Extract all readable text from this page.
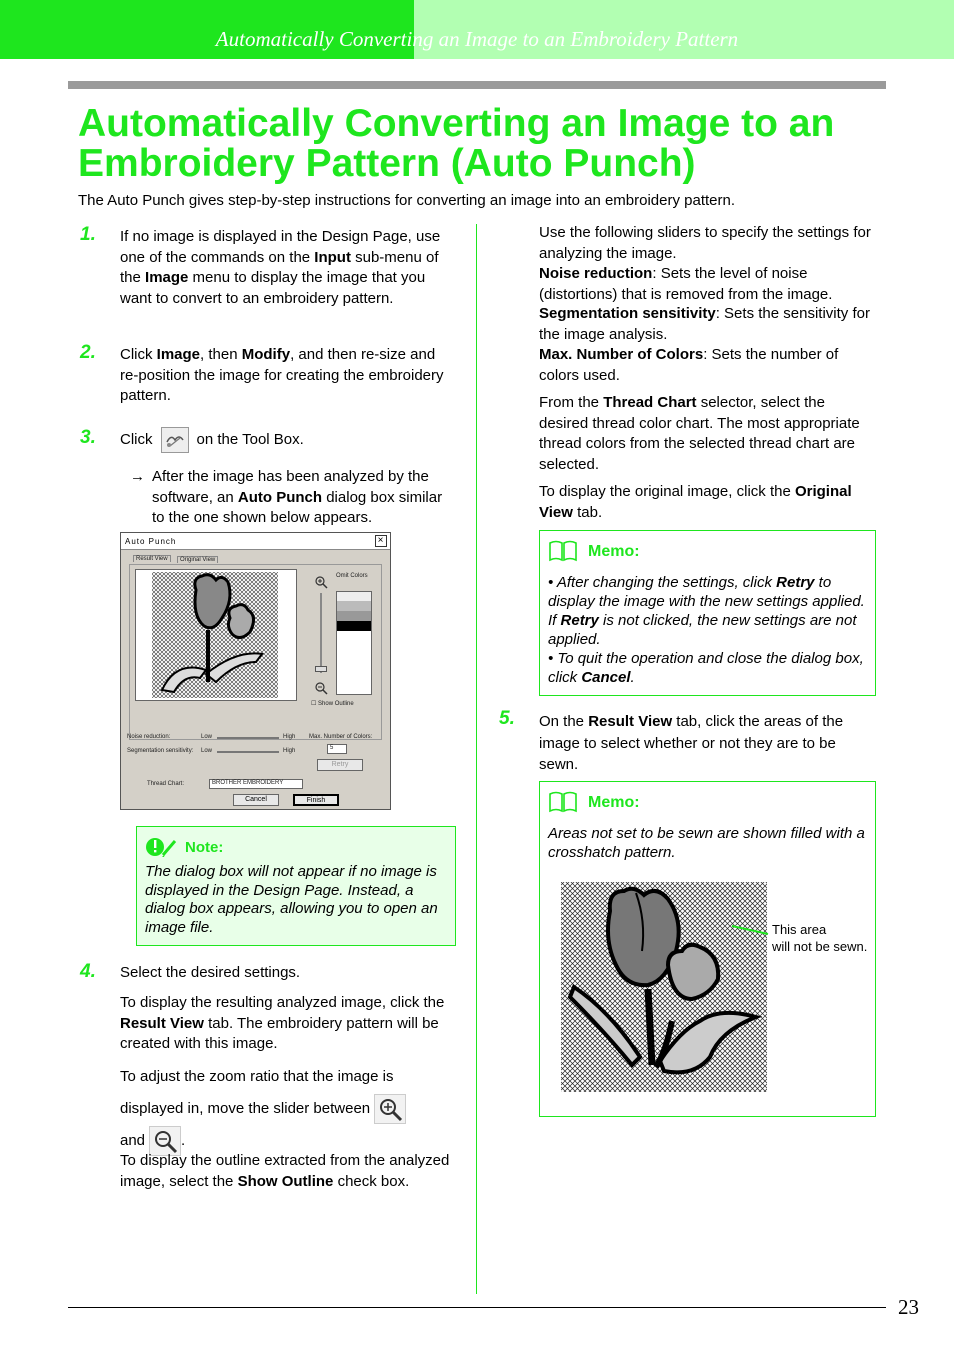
Automatically Converting an Image to an Embroidery Pattern
Automatically Converting an Image to an
Embroidery Pattern (Auto Punch)
The Auto Punch gives step-by-step instructions for converting an image into an embroidery pattern.
1. If no image is displayed in the Design Page, use one of the commands on the Input sub-menu of the Image menu to display the image that you want to convert to an embroidery pattern.
2. Click Image, then Modify, and then re-size and re-position the image for creating the embroidery pattern.
3. Click	on the Tool Box.
→ After the image has been analyzed by the software, an Auto Punch dialog box similar to the one shown below appears.
Auto Punch	×
Result View	Original View
Omit Colors
☐ Show Outline
Noise reduction:
Segmentation sensitivity:
Low
Low
High
High
Max. Number of Colors:
5
Retry
Thread Chart:	BROTHER EMBROIDERY
Cancel	Finish
Note:
The dialog box will not appear if no image is displayed in the Design Page. Instead, a dialog box appears, allowing you to open an image file.
4. Select the desired settings.
To display the resulting analyzed image, click the Result View tab. The embroidery pattern will be created with this image.
To adjust the zoom ratio that the image is displayed in, move the slider between
and .
To display the outline extracted from the analyzed image, select the Show Outline check box.
Use the following sliders to specify the settings for analyzing the image.
Noise reduction: Sets the level of noise (distortions) that is removed from the image.
Segmentation sensitivity: Sets the sensitivity for the image analysis.
Max. Number of Colors: Sets the number of colors used.
From the Thread Chart selector, select the desired thread color chart. The most appropriate thread colors from the selected thread chart are selected.
To display the original image, click the Original View tab.
Memo:
• After changing the settings, click Retry to display the image with the new settings applied. If Retry is not clicked, the new settings are not applied.
• To quit the operation and close the dialog box, click Cancel.
5. On the Result View tab, click the areas of the image to select whether or not they are to be sewn.
Memo:
Areas not set to be sewn are shown filled with a crosshatch pattern.
This area
will not be sewn.
23
